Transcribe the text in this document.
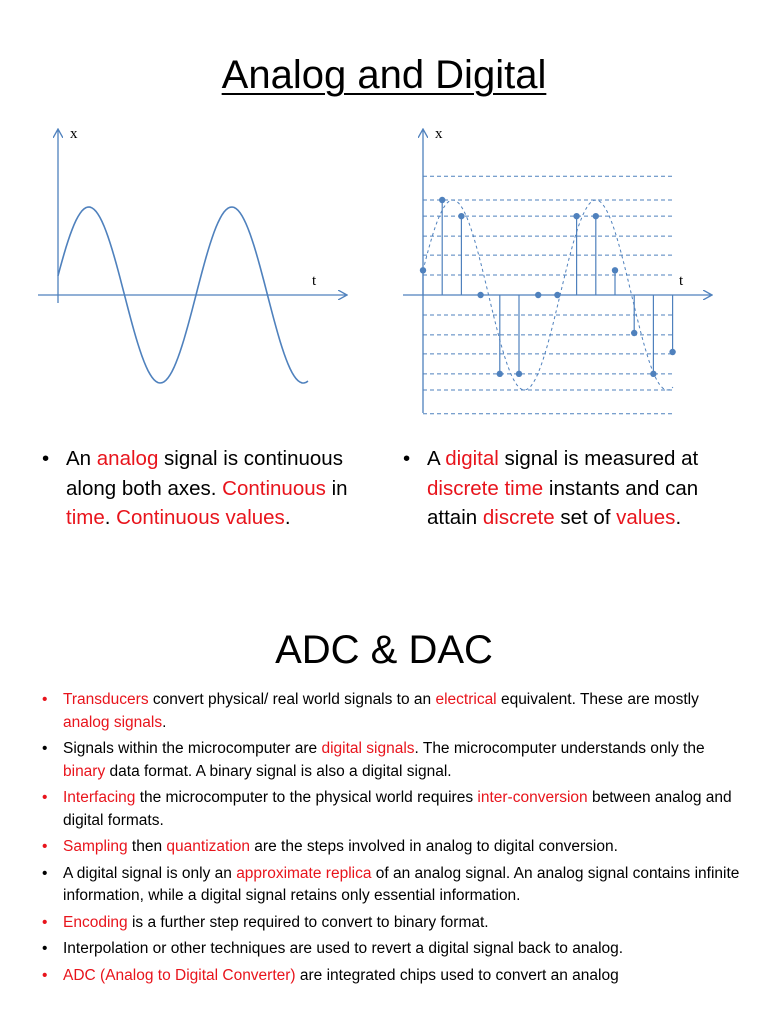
Analog and Digital
x
t
x
t
• An analog signal is continuous along both axes. Continuous in time. Continuous values.
• A digital signal is measured at discrete time instants and can attain discrete set of values.
ADC & DAC
• Transducers convert physical/ real world signals to an electrical equivalent. These are mostly analog signals.
• Signals within the microcomputer are digital signals. The microcomputer understands only the binary data format. A binary signal is also a digital signal.
• Interfacing the microcomputer to the physical world requires inter-conversion between analog and digital formats.
• Sampling then quantization are the steps involved in analog to digital conversion.
• A digital signal is only an approximate replica of an analog signal. An analog signal contains infinite information, while a digital signal retains only essential information.
• Encoding is a further step required to convert to binary format.
• Interpolation or other techniques are used to revert a digital signal back to analog.
• ADC (Analog to Digital Converter) are integrated chips used to convert an analog
